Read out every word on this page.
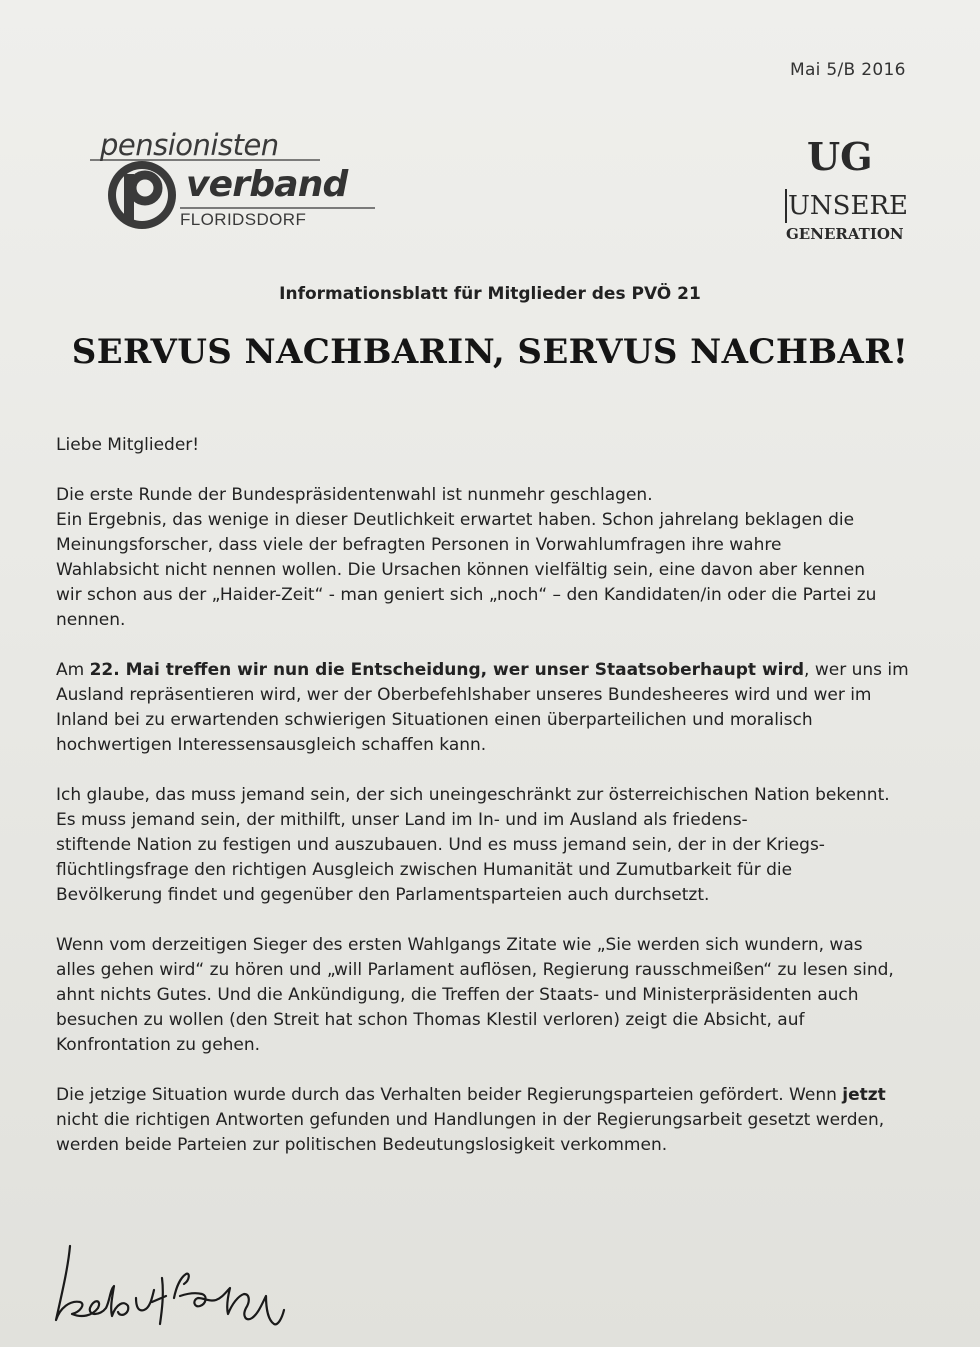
Mai 5/B 2016
pensionisten
verband
FLORIDSDORF
UG
UNSERE
GENERATION
Informationsblatt für Mitglieder des PVÖ 21
SERVUS NACHBARIN, SERVUS NACHBAR!

Liebe Mitglieder!

Die erste Runde der Bundespräsidentenwahl ist nunmehr geschlagen.
Ein Ergebnis, das wenige in dieser Deutlichkeit erwartet haben. Schon jahrelang beklagen die
Meinungsforscher, dass viele der befragten Personen in Vorwahlumfragen ihre wahre
Wahlabsicht nicht nennen wollen. Die Ursachen können vielfältig sein, eine davon aber kennen
wir schon aus der „Haider-Zeit“ - man geniert sich „noch“ – den Kandidaten/in oder die Partei zu
nennen.

Am 22. Mai treffen wir nun die Entscheidung, wer unser Staatsoberhaupt wird, wer uns im
Ausland repräsentieren wird, wer der Oberbefehlshaber unseres Bundesheeres wird und wer im
Inland bei zu erwartenden schwierigen Situationen einen überparteilichen und moralisch
hochwertigen Interessensausgleich schaffen kann.

Ich glaube, das muss jemand sein, der sich uneingeschränkt zur österreichischen Nation bekennt.
Es muss jemand sein, der mithilft, unser Land im In- und im Ausland als friedens-
stiftende Nation zu festigen und auszubauen. Und es muss jemand sein, der in der Kriegs-
flüchtlingsfrage den richtigen Ausgleich zwischen Humanität und Zumutbarkeit für die
Bevölkerung findet und gegenüber den Parlamentsparteien auch durchsetzt.

Wenn vom derzeitigen Sieger des ersten Wahlgangs Zitate wie „Sie werden sich wundern, was
alles gehen wird“ zu hören und „will Parlament auflösen, Regierung rausschmeißen“ zu lesen sind,
ahnt nichts Gutes. Und die Ankündigung, die Treffen der Staats- und Ministerpräsidenten auch
besuchen zu wollen (den Streit hat schon Thomas Klestil verloren) zeigt die Absicht, auf
Konfrontation zu gehen.

Die jetzige Situation wurde durch das Verhalten beider Regierungsparteien gefördert. Wenn jetzt
nicht die richtigen Antworten gefunden und Handlungen in der Regierungsarbeit gesetzt werden,
werden beide Parteien zur politischen Bedeutungslosigkeit verkommen.
